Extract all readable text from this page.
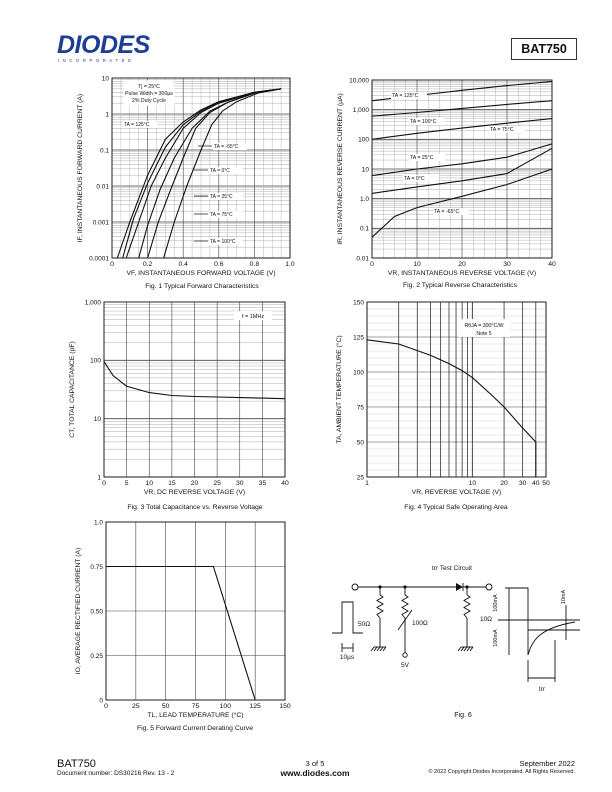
DIODES
INCORPORATED
BAT750
0	0.2	0.4	0.6	0.8	1.0
0.0001
0.001
0.01
0.1
1
10
VF, INSTANTANEOUS FORWARD VOLTAGE (V)
IF, INSTANTANEOUS FORWARD CURRENT (A)
Fig. 1 Typical Forward Characteristics
Tj = 25°C
Pulse Width = 300µs
2% Duty Cycle
TA = 125°C
TA = 100°C
TA = 75°C
TA = 25°C
TA = 0°C
TA = -65°C
0	10	20	30	40
0.01
0.1
1.0
10
100
1,000
10,000
VR, INSTANTANEOUS REVERSE VOLTAGE (V)
IR, INSTANTANEOUS REVERSE CURRENT (µA)
Fig. 2 Typical Reverse Characteristics
TA = 125°C
TA = 100°C
TA = 75°C
TA = 25°C
TA = 0°C
TA = -65°C
0	5 10 15 20 25 30 35 40
1
10
100
1,000
VR, DC REVERSE VOLTAGE (V)
CT, TOTAL CAPACITANCE (pF)
Fig. 3 Total Capacitance vs. Reverse Voltage
f = 1MHz
1	10	20 30 40 50
25
50
75
100
125
150
VR, REVERSE VOLTAGE (V)
TA, AMBIENT TEMPERATURE (°C)
Fig. 4 Typical Safe Operating Area
RθJA = 300°C/W
Note 5
0	25	50	75	100	125	150
0
0.25
0.50
0.75
1.0
TL, LEAD TEMPERATURE (°C)
IO, AVERAGE RECTIFIED CURRENT (A)
Fig. 5 Forward Current Derating Curve
trr Test Circuit
50Ω	100Ω
5V
10µs
100mA
100mA
10mA
10Ω
trr
Fig. 6
BAT750
Document number: DS30216 Rev. 13 - 2
3 of 5
www.diodes.com
September 2022
© 2022 Copyright Diodes Incorporated. All Rights Reserved.
